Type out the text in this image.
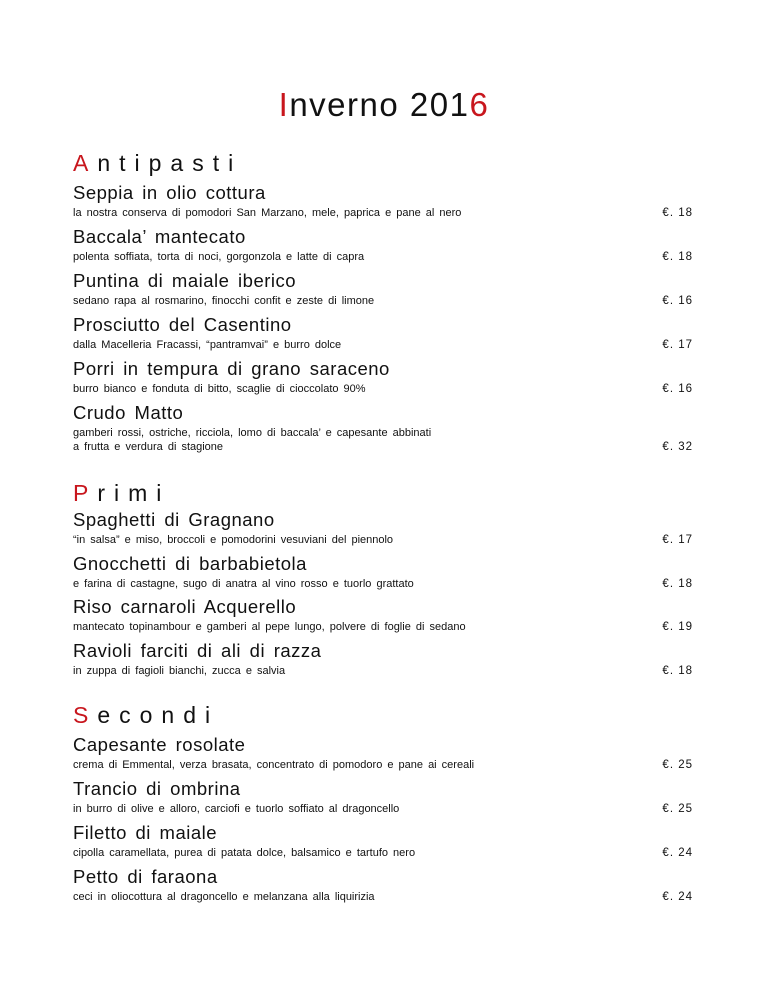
Inverno 2016
Antipasti

Seppia in olio cottura

la nostra conserva di pomodori San Marzano, mele, paprica e pane al nero	€. 18

Baccala’ mantecato

polenta soffiata, torta di noci, gorgonzola e latte di capra	€. 18

Puntina di maiale iberico

sedano rapa al rosmarino, finocchi confit e zeste di limone	€. 16

Prosciutto del Casentino

dalla Macelleria Fracassi, “pantramvai” e burro dolce	€. 17

Porri in tempura di grano saraceno

burro bianco e fonduta di bitto, scaglie di cioccolato 90%	€. 16

Crudo Matto

gamberi rossi, ostriche, ricciola, lomo di baccala’ e capesante abbinati a frutta e verdura di stagione	€. 32
Primi

Spaghetti di Gragnano

“in salsa” e miso, broccoli e pomodorini vesuviani del piennolo	€. 17

Gnocchetti di barbabietola

e farina di castagne, sugo di anatra al vino rosso e tuorlo grattato	€. 18

Riso carnaroli Acquerello

mantecato topinambour e gamberi al pepe lungo, polvere di foglie di sedano	€. 19

Ravioli farciti di ali di razza

in zuppa di fagioli bianchi, zucca e salvia	€. 18
Secondi

Capesante rosolate

crema di Emmental, verza brasata, concentrato di pomodoro e pane ai cereali	€. 25

Trancio di ombrina

in burro di olive e alloro, carciofi e tuorlo soffiato al dragoncello	€. 25

Filetto di maiale

cipolla caramellata, purea di patata dolce, balsamico e tartufo nero	€. 24

Petto di faraona

ceci in oliocottura al dragoncello e melanzana alla liquirizia	€. 24
